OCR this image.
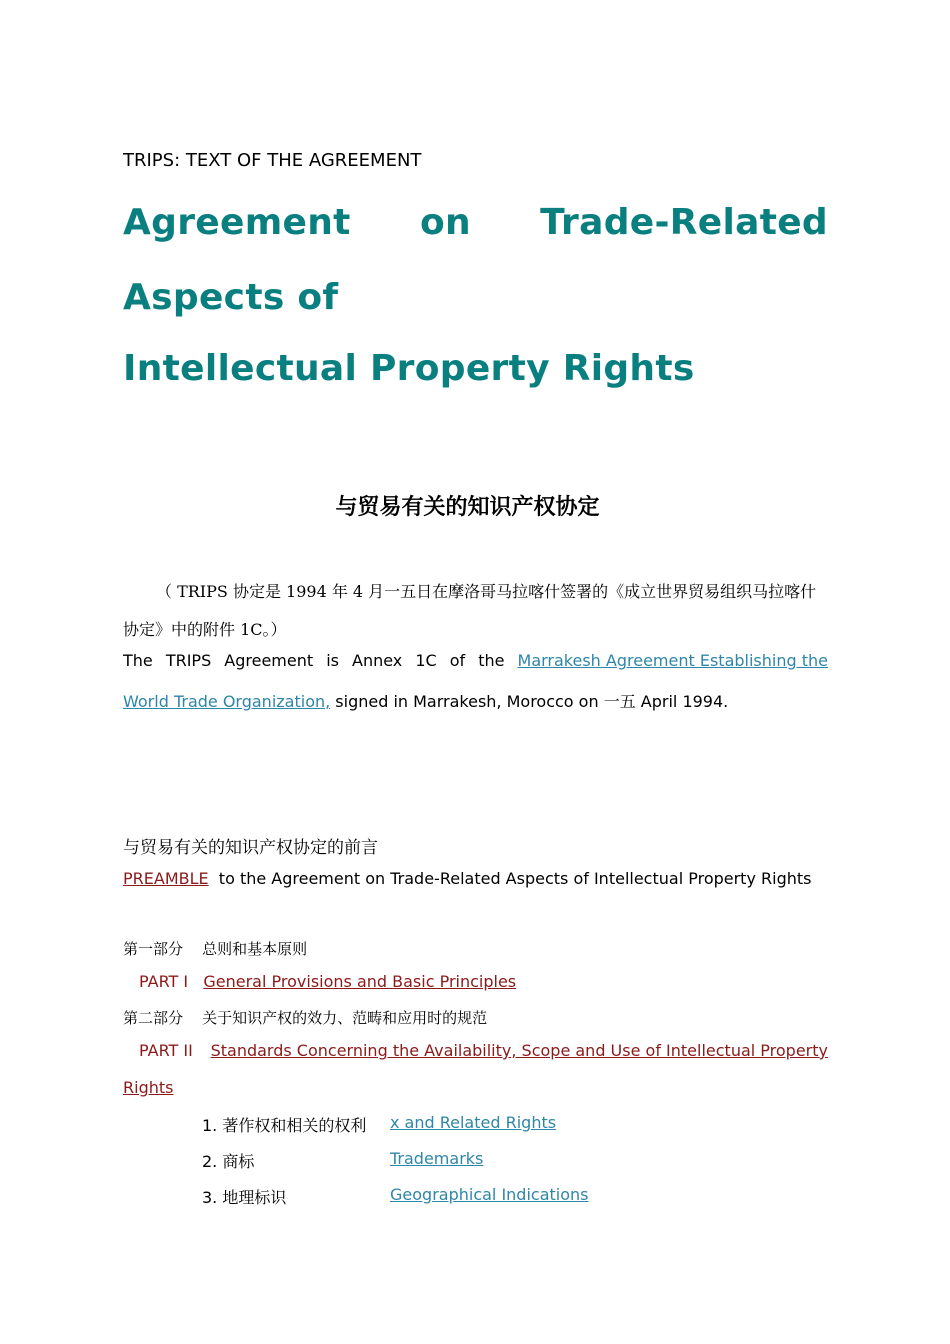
TRIPS: TEXT OF THE AGREEMENT
Agreement on Trade-Related
Aspects of
Intellectual Property Rights
与贸易有关的知识产权协定
（ TRIPS 协定是 1994 年 4 月一五日在摩洛哥马拉喀什签署的《成立世界贸易组织马拉喀什
协定》中的附件 1C。）
The TRIPS Agreement is Annex 1C of the Marrakesh Agreement Establishing the
World Trade Organization, signed in Marrakesh, Morocco on 一五 April 1994.
与贸易有关的知识产权协定的前言
PREAMBLE  to the Agreement on Trade-Related Aspects of Intellectual Property Rights
第一部分    总则和基本原则
PART I General Provisions and Basic Principles
第二部分    关于知识产权的效力、范畴和应用时的规范
PART II Standards Concerning the Availability, Scope and Use of Intellectual Property
Rights
1. 著作权和相关的权利 x and Related Rights
2. 商标	Trademarks
3. 地理标识	Geographical Indications
